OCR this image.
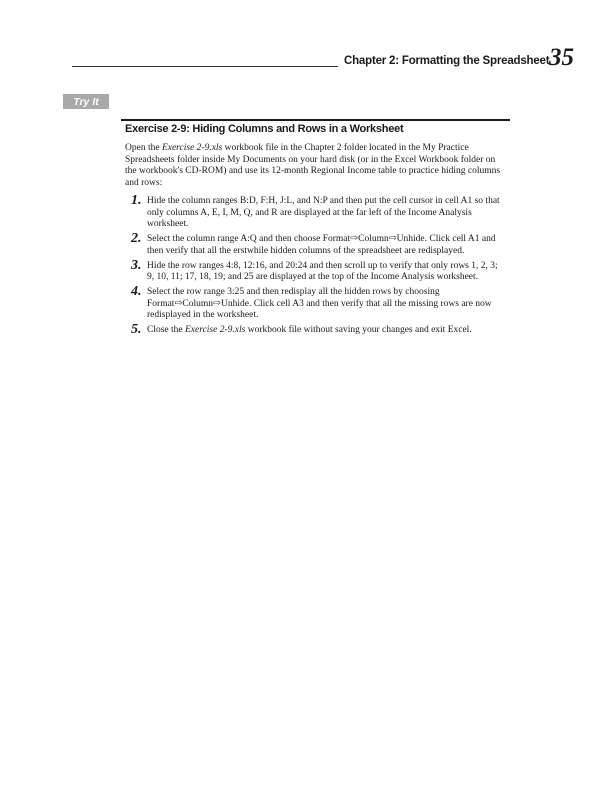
Chapter 2: Formatting the Spreadsheet 35
Try It
Exercise 2-9: Hiding Columns and Rows in a Worksheet

Open the Exercise 2-9.xls workbook file in the Chapter 2 folder located in the My Practice Spreadsheets folder inside My Documents on your hard disk (or in the Excel Workbook folder on the workbook's CD-ROM) and use its 12-month Regional Income table to practice hiding columns and rows:

1. Hide the column ranges B:D, F:H, J:L, and N:P and then put the cell cursor in cell A1 so that only columns A, E, I, M, Q, and R are displayed at the far left of the Income Analysis worksheet.
2. Select the column range A:Q and then choose Format⇨Column⇨Unhide. Click cell A1 and then verify that all the erstwhile hidden columns of the spreadsheet are redisplayed.
3. Hide the row ranges 4:8, 12:16, and 20:24 and then scroll up to verify that only rows 1, 2, 3; 9, 10, 11; 17, 18, 19; and 25 are displayed at the top of the Income Analysis worksheet.
4. Select the row range 3:25 and then redisplay all the hidden rows by choosing Format⇨Column⇨Unhide. Click cell A3 and then verify that all the missing rows are now redisplayed in the worksheet.
5. Close the Exercise 2-9.xls workbook file without saving your changes and exit Excel.
